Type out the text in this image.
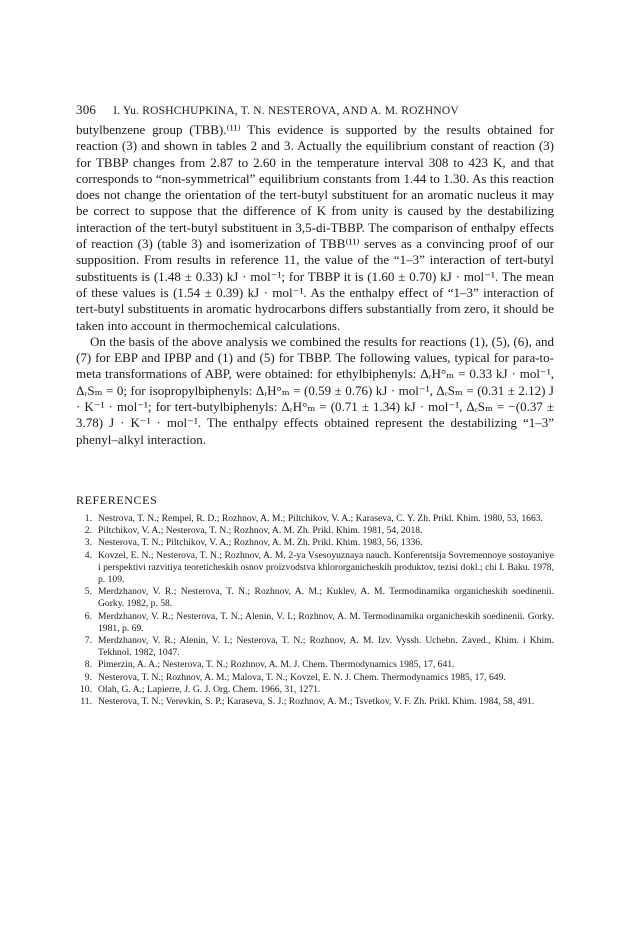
306 I. Yu. ROSHCHUPKINA, T. N. NESTEROVA, AND A. M. ROZHNOV

butylbenzene group (TBB).⁽¹¹⁾ This evidence is supported by the results obtained for reaction (3) and shown in tables 2 and 3. Actually the equilibrium constant of reaction (3) for TBBP changes from 2.87 to 2.60 in the temperature interval 308 to 423 K, and that corresponds to “non-symmetrical” equilibrium constants from 1.44 to 1.30. As this reaction does not change the orientation of the tert-butyl substituent for an aromatic nucleus it may be correct to suppose that the difference of K from unity is caused by the destabilizing interaction of the tert-butyl substituent in 3,5-di-TBBP. The comparison of enthalpy effects of reaction (3) (table 3) and isomerization of TBB⁽¹¹⁾ serves as a convincing proof of our supposition. From results in reference 11, the value of the “1–3” interaction of tert-butyl substituents is (1.48 ± 0.33) kJ · mol⁻¹; for TBBP it is (1.60 ± 0.70) kJ · mol⁻¹. The mean of these values is (1.54 ± 0.39) kJ · mol⁻¹. As the enthalpy effect of “1–3” interaction of tert-butyl substituents in aromatic hydrocarbons differs substantially from zero, it should be taken into account in thermochemical calculations.

On the basis of the above analysis we combined the results for reactions (1), (5), (6), and (7) for EBP and IPBP and (1) and (5) for TBBP. The following values, typical for para-to-meta transformations of ABP, were obtained: for ethylbiphenyls: ΔᵣH°ₘ = 0.33 kJ · mol⁻¹, ΔᵣSₘ = 0; for isopropylbiphenyls: ΔᵣH°ₘ = (0.59 ± 0.76) kJ · mol⁻¹, ΔᵣSₘ = (0.31 ± 2.12) J · K⁻¹ · mol⁻¹; for tert-butylbiphenyls: ΔᵣH°ₘ = (0.71 ± 1.34) kJ · mol⁻¹, ΔᵣSₘ = −(0.37 ± 3.78) J · K⁻¹ · mol⁻¹. The enthalpy effects obtained represent the destabilizing “1–3” phenyl–alkyl interaction.

REFERENCES
1. Nestrova, T. N.; Rempel, R. D.; Rozhnov, A. M.; Piltchikov, V. A.; Karaseva, C. Y. Zh. Prikl. Khim. 1980, 53, 1663.
2. Piltchikov, V. A.; Nesterova, T. N.; Rozhnov, A. M. Zh. Prikl. Khim. 1981, 54, 2018.
3. Nesterova, T. N.; Piltchikov, V. A.; Rozhnov, A. M. Zh. Prikl. Khim. 1983, 56, 1336.
4. Kovzel, E. N.; Nesterova, T. N.; Rozhnov, A. M. 2-ya Vsesoyuznaya nauch. Konferentsija Sovremennoye sostoyaniye i perspektivi razvitiya teoreticheskih osnov proizvodstva khlororganicheskih produktov, tezisi dokl.; chi I. Baku. 1978, p. 109.
5. Merdzhanov, V. R.; Nesterova, T. N.; Rozhnov, A. M.; Kuklev, A. M. Termodinamika organicheskih soedinenii. Gorky. 1982, p. 58.
6. Merdzhanov, V. R.; Nesterova, T. N.; Alenin, V. I.; Rozhnov, A. M. Termodinamika organicheskih soedinenii. Gorky. 1981, p. 69.
7. Merdzhanov, V. R.; Alenin, V. I.; Nesterova, T. N.; Rozhnov, A. M. Izv. Vyssh. Uchebn. Zaved., Khim. i Khim. Tekhnol. 1982, 1047.
8. Pimerzin, A. A.; Nesterova, T. N.; Rozhnov, A. M. J. Chem. Thermodynamics 1985, 17, 641.
9. Nesterova, T. N.; Rozhnov, A. M.; Malova, T. N.; Kovzel, E. N. J. Chem. Thermodynamics 1985, 17, 649.
10. Olah, G. A.; Lapierre, J. G. J. Org. Chem. 1966, 31, 1271.
11. Nesterova, T. N.; Verevkin, S. P.; Karaseva, S. J.; Rozhnov, A. M.; Tsvetkov, V. F. Zh. Prikl. Khim. 1984, 58, 491.
